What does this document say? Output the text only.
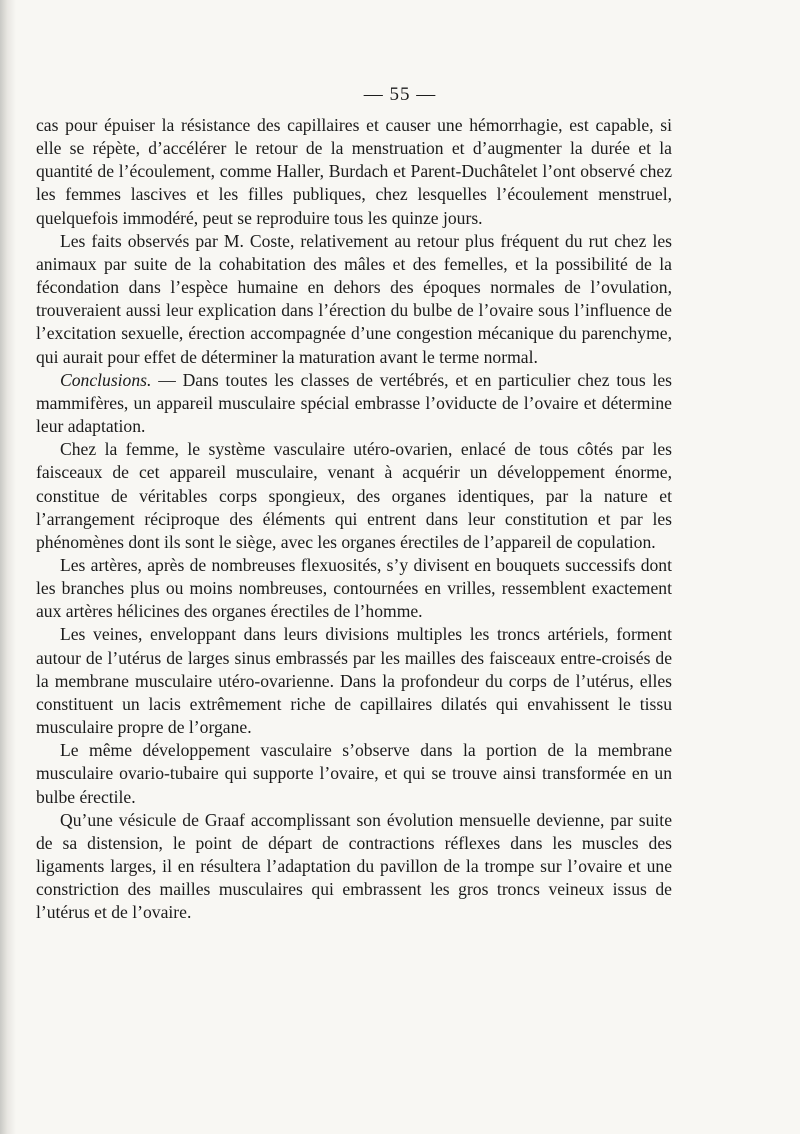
— 55 —

cas pour épuiser la résistance des capillaires et causer une hémorrhagie, est capable, si elle se répète, d’accélérer le retour de la menstruation et d’augmenter la durée et la quantité de l’écoulement, comme Haller, Burdach et Parent-Duchâtelet l’ont observé chez les femmes lascives et les filles publiques, chez lesquelles l’écoulement menstruel, quelquefois immodéré, peut se reproduire tous les quinze jours.

Les faits observés par M. Coste, relativement au retour plus fréquent du rut chez les animaux par suite de la cohabitation des mâles et des femelles, et la possibilité de la fécondation dans l’espèce humaine en dehors des époques normales de l’ovulation, trouveraient aussi leur explication dans l’érection du bulbe de l’ovaire sous l’influence de l’excitation sexuelle, érection accompagnée d’une congestion mécanique du parenchyme, qui aurait pour effet de déterminer la maturation avant le terme normal.

Conclusions. — Dans toutes les classes de vertébrés, et en particulier chez tous les mammifères, un appareil musculaire spécial embrasse l’oviducte de l’ovaire et détermine leur adaptation.

Chez la femme, le système vasculaire utéro-ovarien, enlacé de tous côtés par les faisceaux de cet appareil musculaire, venant à acquérir un développement énorme, constitue de véritables corps spongieux, des organes identiques, par la nature et l’arrangement réciproque des éléments qui entrent dans leur constitution et par les phénomènes dont ils sont le siège, avec les organes érectiles de l’appareil de copulation.

Les artères, après de nombreuses flexuosités, s’y divisent en bouquets successifs dont les branches plus ou moins nombreuses, contournées en vrilles, ressemblent exactement aux artères hélicines des organes érectiles de l’homme.

Les veines, enveloppant dans leurs divisions multiples les troncs artériels, forment autour de l’utérus de larges sinus embrassés par les mailles des faisceaux entre-croisés de la membrane musculaire utéro-ovarienne. Dans la profondeur du corps de l’utérus, elles constituent un lacis extrêmement riche de capillaires dilatés qui envahissent le tissu musculaire propre de l’organe.

Le même développement vasculaire s’observe dans la portion de la membrane musculaire ovario-tubaire qui supporte l’ovaire, et qui se trouve ainsi transformée en un bulbe érectile.

Qu’une vésicule de Graaf accomplissant son évolution mensuelle devienne, par suite de sa distension, le point de départ de contractions réflexes dans les muscles des ligaments larges, il en résultera l’adaptation du pavillon de la trompe sur l’ovaire et une constriction des mailles musculaires qui embrassent les gros troncs veineux issus de l’utérus et de l’ovaire.
